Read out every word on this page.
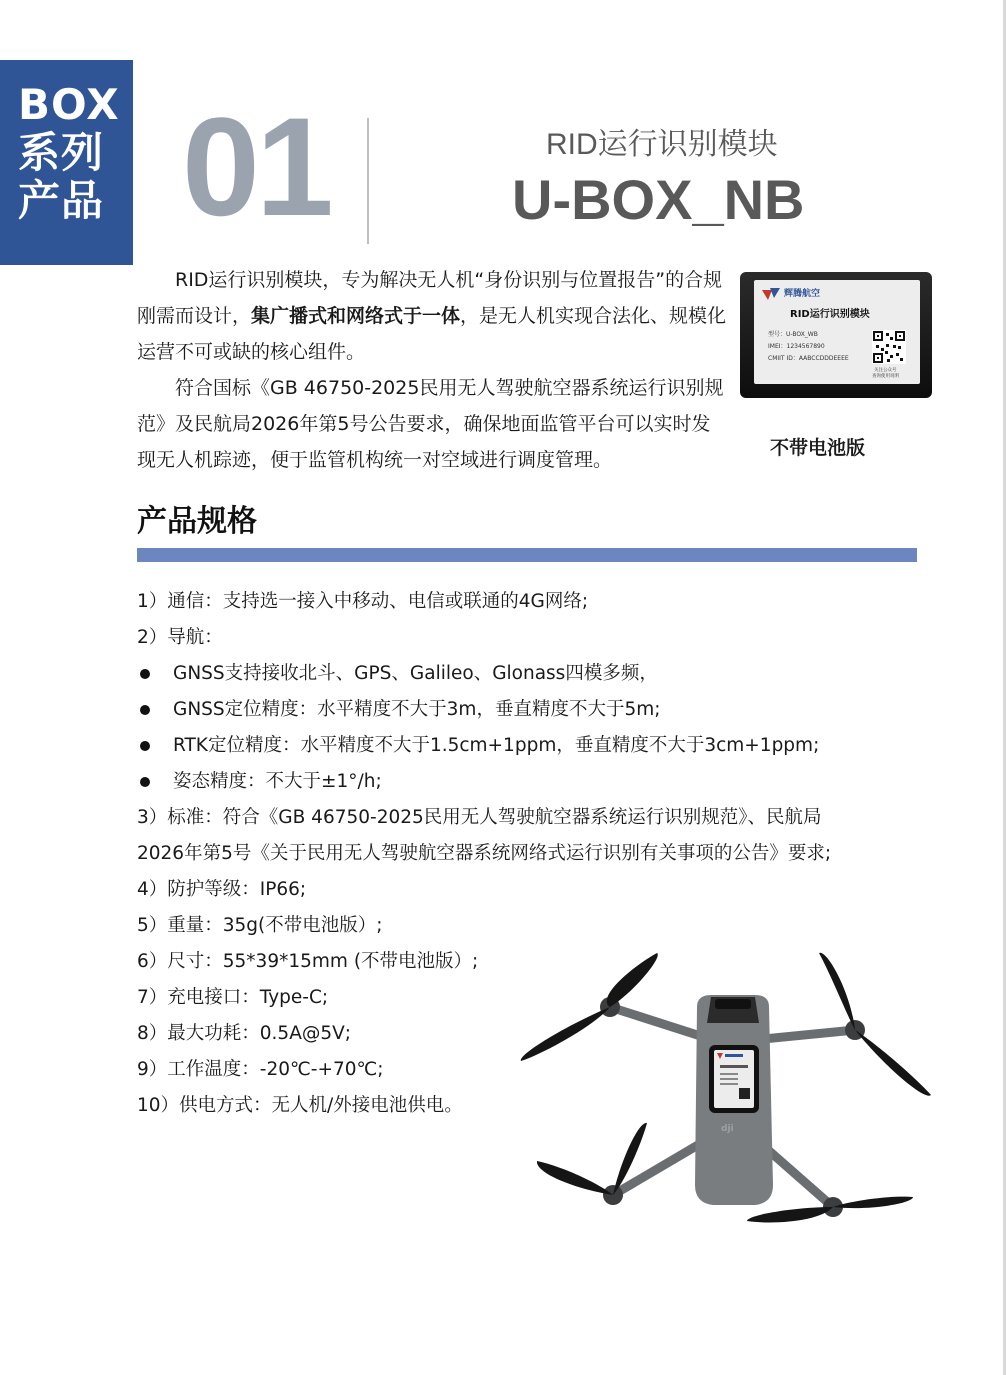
BOX
系列
产品 01	RID运行识别模块
U-BOX_NB

RID运行识别模块，专为解决无人机“身份识别与位置报告”的合规刚需而设计，集广播式和网络式于一体，是无人机实现合法化、规模化运营不可或缺的核心组件。

符合国标《GB 46750-2025民用无人驾驶航空器系统运行识别规范》及民航局2026年第5号公告要求，确保地面监管平台可以实时发现无人机踪迹，便于监管机构统一对空域进行调度管理。

辉腾航空
RID运行识别模块
型号：U-BOX_WB
IMEI：1234567890
CMIIT ID：AABCCDDDEEEE
关注公众号
查询使用说明
不带电池版
产品规格
1）通信：支持选一接入中移动、电信或联通的4G网络;
2）导航：
GNSS支持接收北斗、GPS、Galileo、Glonass四模多频，
GNSS定位精度：水平精度不大于3m，垂直精度不大于5m;
RTK定位精度：水平精度不大于1.5cm+1ppm，垂直精度不大于3cm+1ppm;
姿态精度：不大于±1°/h;
3）标准：符合《GB 46750-2025民用无人驾驶航空器系统运行识别规范》、民航局
2026年第5号《关于民用无人驾驶航空器系统网络式运行识别有关事项的公告》要求;
4）防护等级：IP66;
5）重量：35g(不带电池版）;
6）尺寸：55*39*15mm (不带电池版）;
7）充电接口：Type-C;
8）最大功耗：0.5A@5V;
9）工作温度：-20℃-+70℃;
10）供电方式：无人机/外接电池供电。
dji
